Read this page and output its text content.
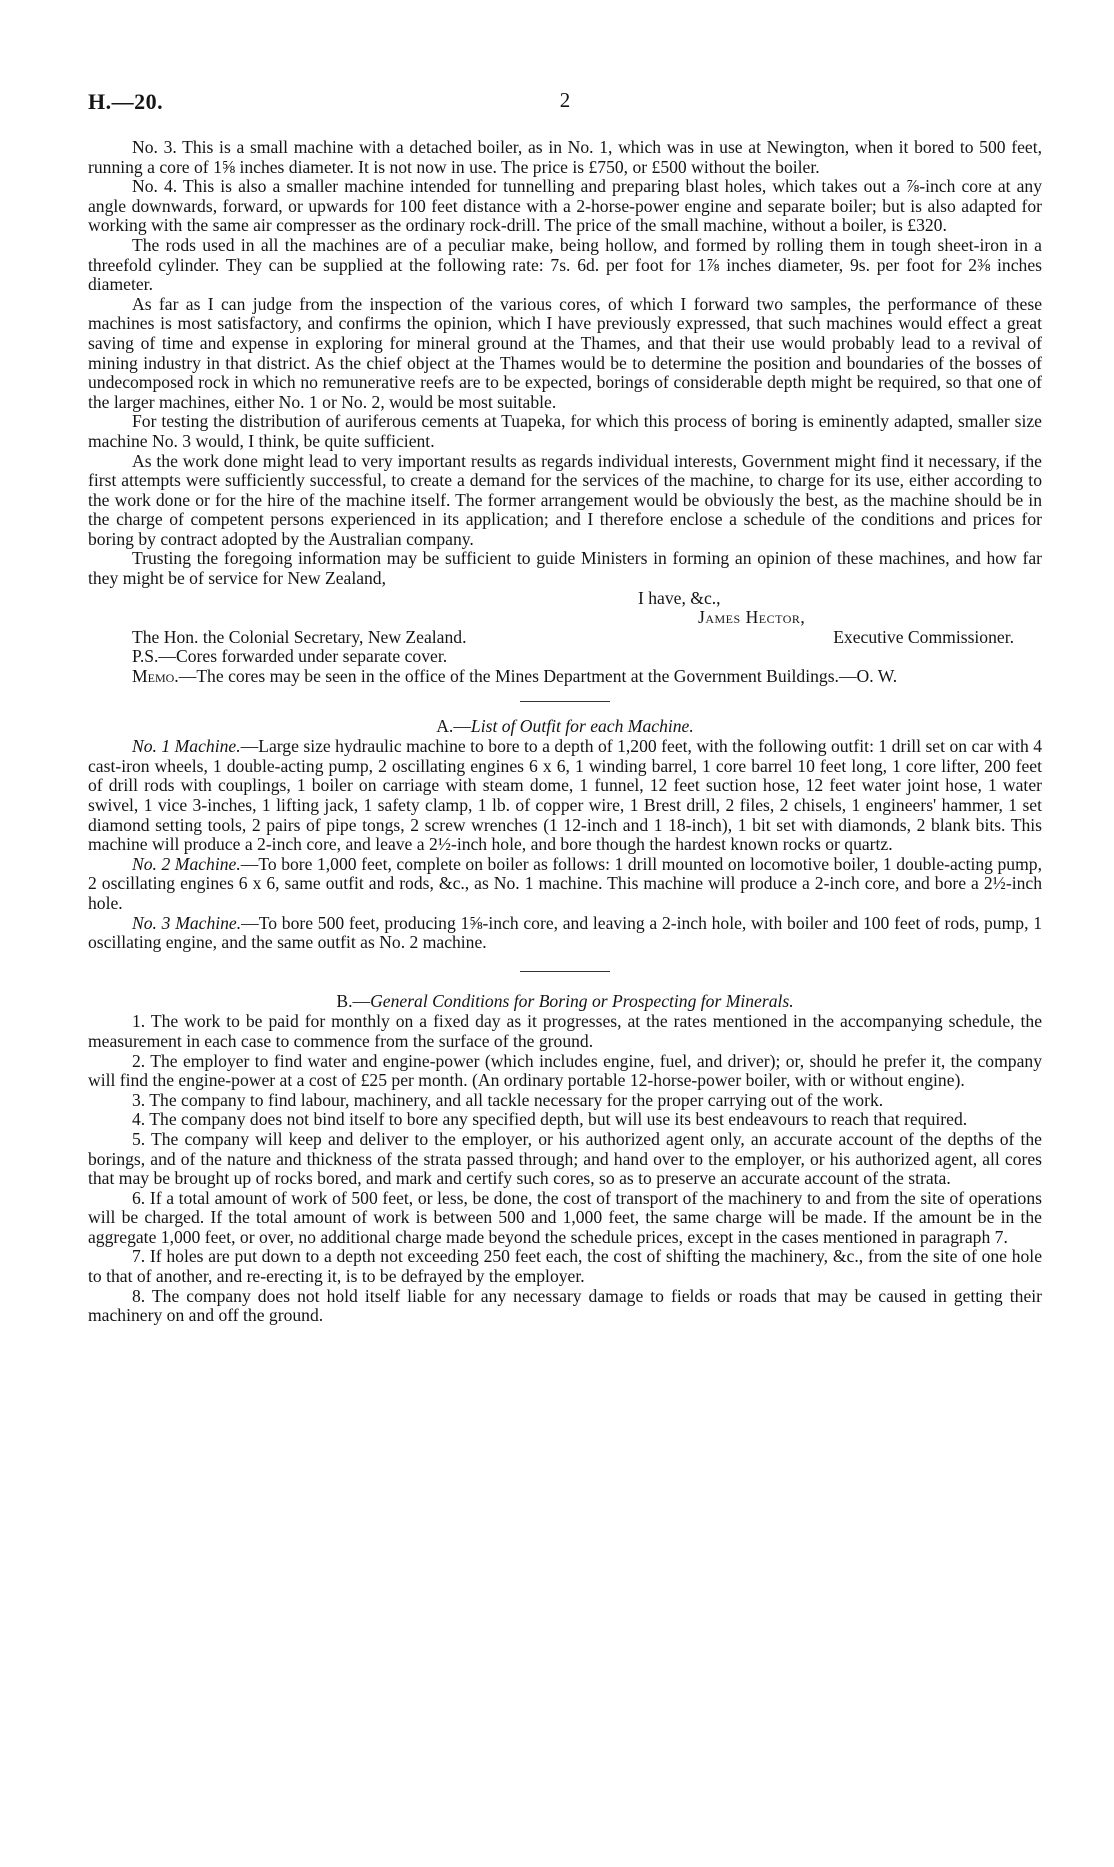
H.—20.	2

No. 3. This is a small machine with a detached boiler, as in No. 1, which was in use at Newington, when it bored to 500 feet, running a core of 1⅝ inches diameter. It is not now in use. The price is £750, or £500 without the boiler.

No. 4. This is also a smaller machine intended for tunnelling and preparing blast holes, which takes out a ⅞-inch core at any angle downwards, forward, or upwards for 100 feet distance with a 2-horse-power engine and separate boiler; but is also adapted for working with the same air compresser as the ordinary rock-drill. The price of the small machine, without a boiler, is £320.

The rods used in all the machines are of a peculiar make, being hollow, and formed by rolling them in tough sheet-iron in a threefold cylinder. They can be supplied at the following rate: 7s. 6d. per foot for 1⅞ inches diameter, 9s. per foot for 2⅜ inches diameter.

As far as I can judge from the inspection of the various cores, of which I forward two samples, the performance of these machines is most satisfactory, and confirms the opinion, which I have previously expressed, that such machines would effect a great saving of time and expense in exploring for mineral ground at the Thames, and that their use would probably lead to a revival of mining industry in that district. As the chief object at the Thames would be to determine the position and boundaries of the bosses of undecomposed rock in which no remunerative reefs are to be expected, borings of considerable depth might be required, so that one of the larger machines, either No. 1 or No. 2, would be most suitable.

For testing the distribution of auriferous cements at Tuapeka, for which this process of boring is eminently adapted, smaller size machine No. 3 would, I think, be quite sufficient.

As the work done might lead to very important results as regards individual interests, Government might find it necessary, if the first attempts were sufficiently successful, to create a demand for the services of the machine, to charge for its use, either according to the work done or for the hire of the machine itself. The former arrangement would be obviously the best, as the machine should be in the charge of competent persons experienced in its application; and I therefore enclose a schedule of the conditions and prices for boring by contract adopted by the Australian company.

Trusting the foregoing information may be sufficient to guide Ministers in forming an opinion of these machines, and how far they might be of service for New Zealand,

I have, &c.,

James Hector,

The Hon. the Colonial Secretary, New Zealand.	Executive Commissioner.

P.S.—Cores forwarded under separate cover.

Memo.—The cores may be seen in the office of the Mines Department at the Government Buildings.—O. W.

A.—List of Outfit for each Machine.

No. 1 Machine.—Large size hydraulic machine to bore to a depth of 1,200 feet, with the following outfit: 1 drill set on car with 4 cast-iron wheels, 1 double-acting pump, 2 oscillating engines 6 x 6, 1 winding barrel, 1 core barrel 10 feet long, 1 core lifter, 200 feet of drill rods with couplings, 1 boiler on carriage with steam dome, 1 funnel, 12 feet suction hose, 12 feet water joint hose, 1 water swivel, 1 vice 3-inches, 1 lifting jack, 1 safety clamp, 1 lb. of copper wire, 1 Brest drill, 2 files, 2 chisels, 1 engineers' hammer, 1 set diamond setting tools, 2 pairs of pipe tongs, 2 screw wrenches (1 12-inch and 1 18-inch), 1 bit set with diamonds, 2 blank bits. This machine will produce a 2-inch core, and leave a 2½-inch hole, and bore though the hardest known rocks or quartz.

No. 2 Machine.—To bore 1,000 feet, complete on boiler as follows: 1 drill mounted on locomotive boiler, 1 double-acting pump, 2 oscillating engines 6 x 6, same outfit and rods, &c., as No. 1 machine. This machine will produce a 2-inch core, and bore a 2½-inch hole.

No. 3 Machine.—To bore 500 feet, producing 1⅝-inch core, and leaving a 2-inch hole, with boiler and 100 feet of rods, pump, 1 oscillating engine, and the same outfit as No. 2 machine.

B.—General Conditions for Boring or Prospecting for Minerals.

1. The work to be paid for monthly on a fixed day as it progresses, at the rates mentioned in the accompanying schedule, the measurement in each case to commence from the surface of the ground.

2. The employer to find water and engine-power (which includes engine, fuel, and driver); or, should he prefer it, the company will find the engine-power at a cost of £25 per month. (An ordinary portable 12-horse-power boiler, with or without engine).

3. The company to find labour, machinery, and all tackle necessary for the proper carrying out of the work.

4. The company does not bind itself to bore any specified depth, but will use its best endeavours to reach that required.

5. The company will keep and deliver to the employer, or his authorized agent only, an accurate account of the depths of the borings, and of the nature and thickness of the strata passed through; and hand over to the employer, or his authorized agent, all cores that may be brought up of rocks bored, and mark and certify such cores, so as to preserve an accurate account of the strata.

6. If a total amount of work of 500 feet, or less, be done, the cost of transport of the machinery to and from the site of operations will be charged. If the total amount of work is between 500 and 1,000 feet, the same charge will be made. If the amount be in the aggregate 1,000 feet, or over, no additional charge made beyond the schedule prices, except in the cases mentioned in paragraph 7.

7. If holes are put down to a depth not exceeding 250 feet each, the cost of shifting the machinery, &c., from the site of one hole to that of another, and re-erecting it, is to be defrayed by the employer.

8. The company does not hold itself liable for any necessary damage to fields or roads that may be caused in getting their machinery on and off the ground.
